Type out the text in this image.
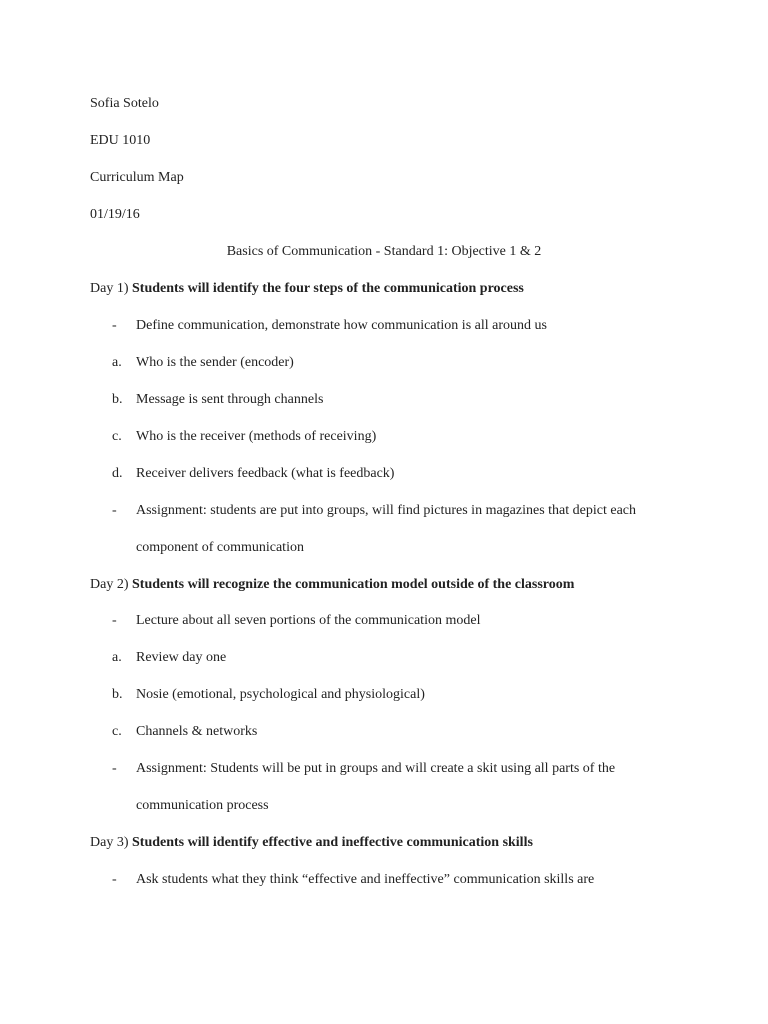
Sofia Sotelo
EDU 1010
Curriculum Map
01/19/16
Basics of Communication - Standard 1: Objective 1 & 2
Day 1) Students will identify the four steps of the communication process
- Define communication, demonstrate how communication is all around us
a. Who is the sender (encoder)
b. Message is sent through channels
c. Who is the receiver (methods of receiving)
d. Receiver delivers feedback (what is feedback)
- Assignment: students are put into groups, will find pictures in magazines that depict each
component of communication
Day 2) Students will recognize the communication model outside of the classroom
- Lecture about all seven portions of the communication model
a. Review day one
b. Nosie (emotional, psychological and physiological)
c. Channels & networks
- Assignment: Students will be put in groups and will create a skit using all parts of the
communication process
Day 3) Students will identify effective and ineffective communication skills
- Ask students what they think “effective and ineffective” communication skills are
